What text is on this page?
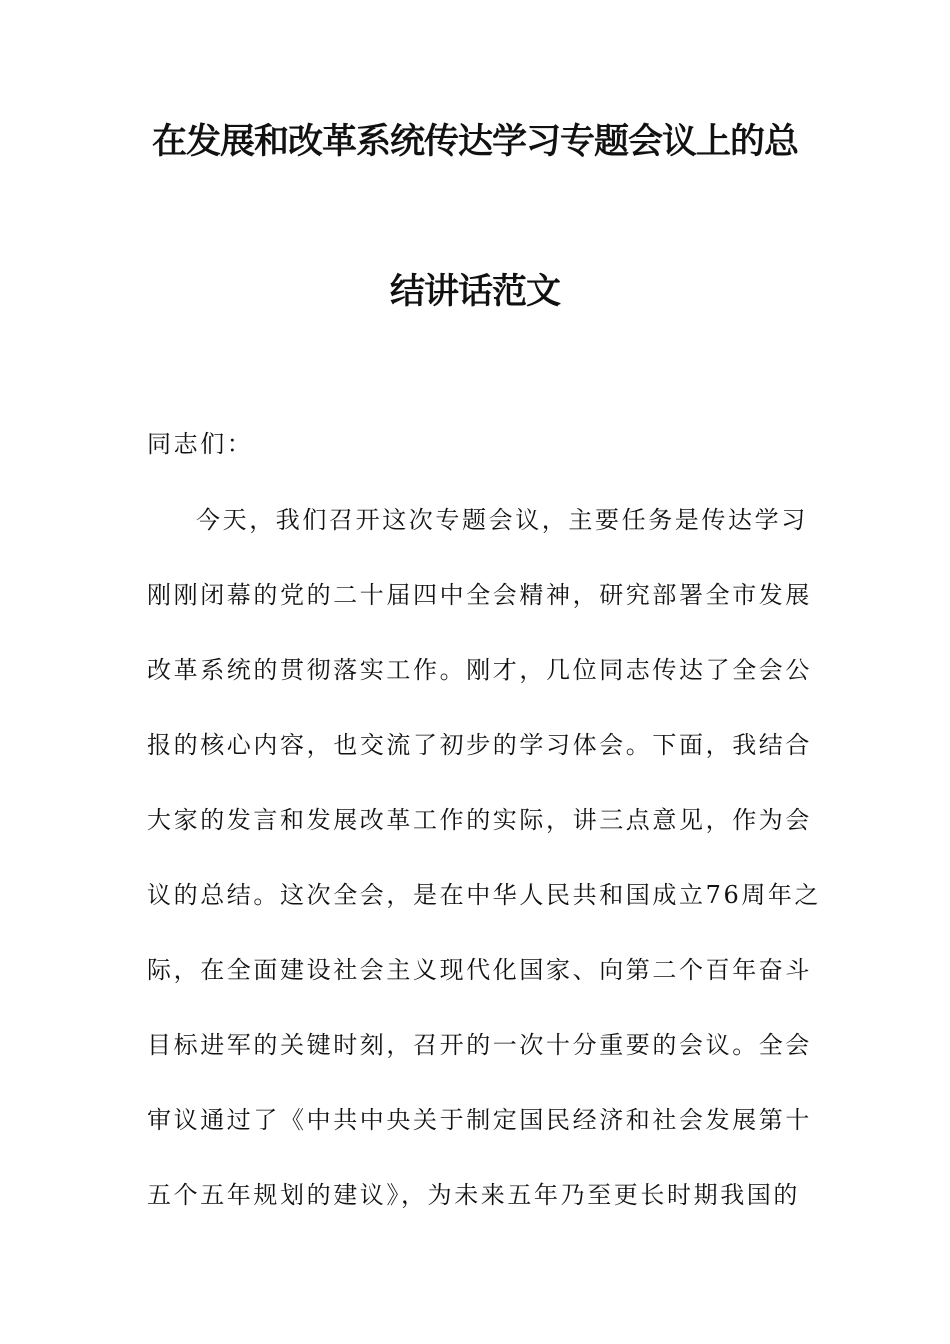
在发展和改革系统传达学习专题会议上的总
结讲话范文
同志们：
今天，我们召开这次专题会议，主要任务是传达学习
刚刚闭幕的党的二十届四中全会精神，研究部署全市发展
改革系统的贯彻落实工作。刚才，几位同志传达了全会公
报的核心内容，也交流了初步的学习体会。下面，我结合
大家的发言和发展改革工作的实际，讲三点意见，作为会
议的总结。这次全会，是在中华人民共和国成立76周年之
际，在全面建设社会主义现代化国家、向第二个百年奋斗
目标进军的关键时刻，召开的一次十分重要的会议。全会
审议通过了《中共中央关于制定国民经济和社会发展第十
五个五年规划的建议》，为未来五年乃至更长时期我国的
